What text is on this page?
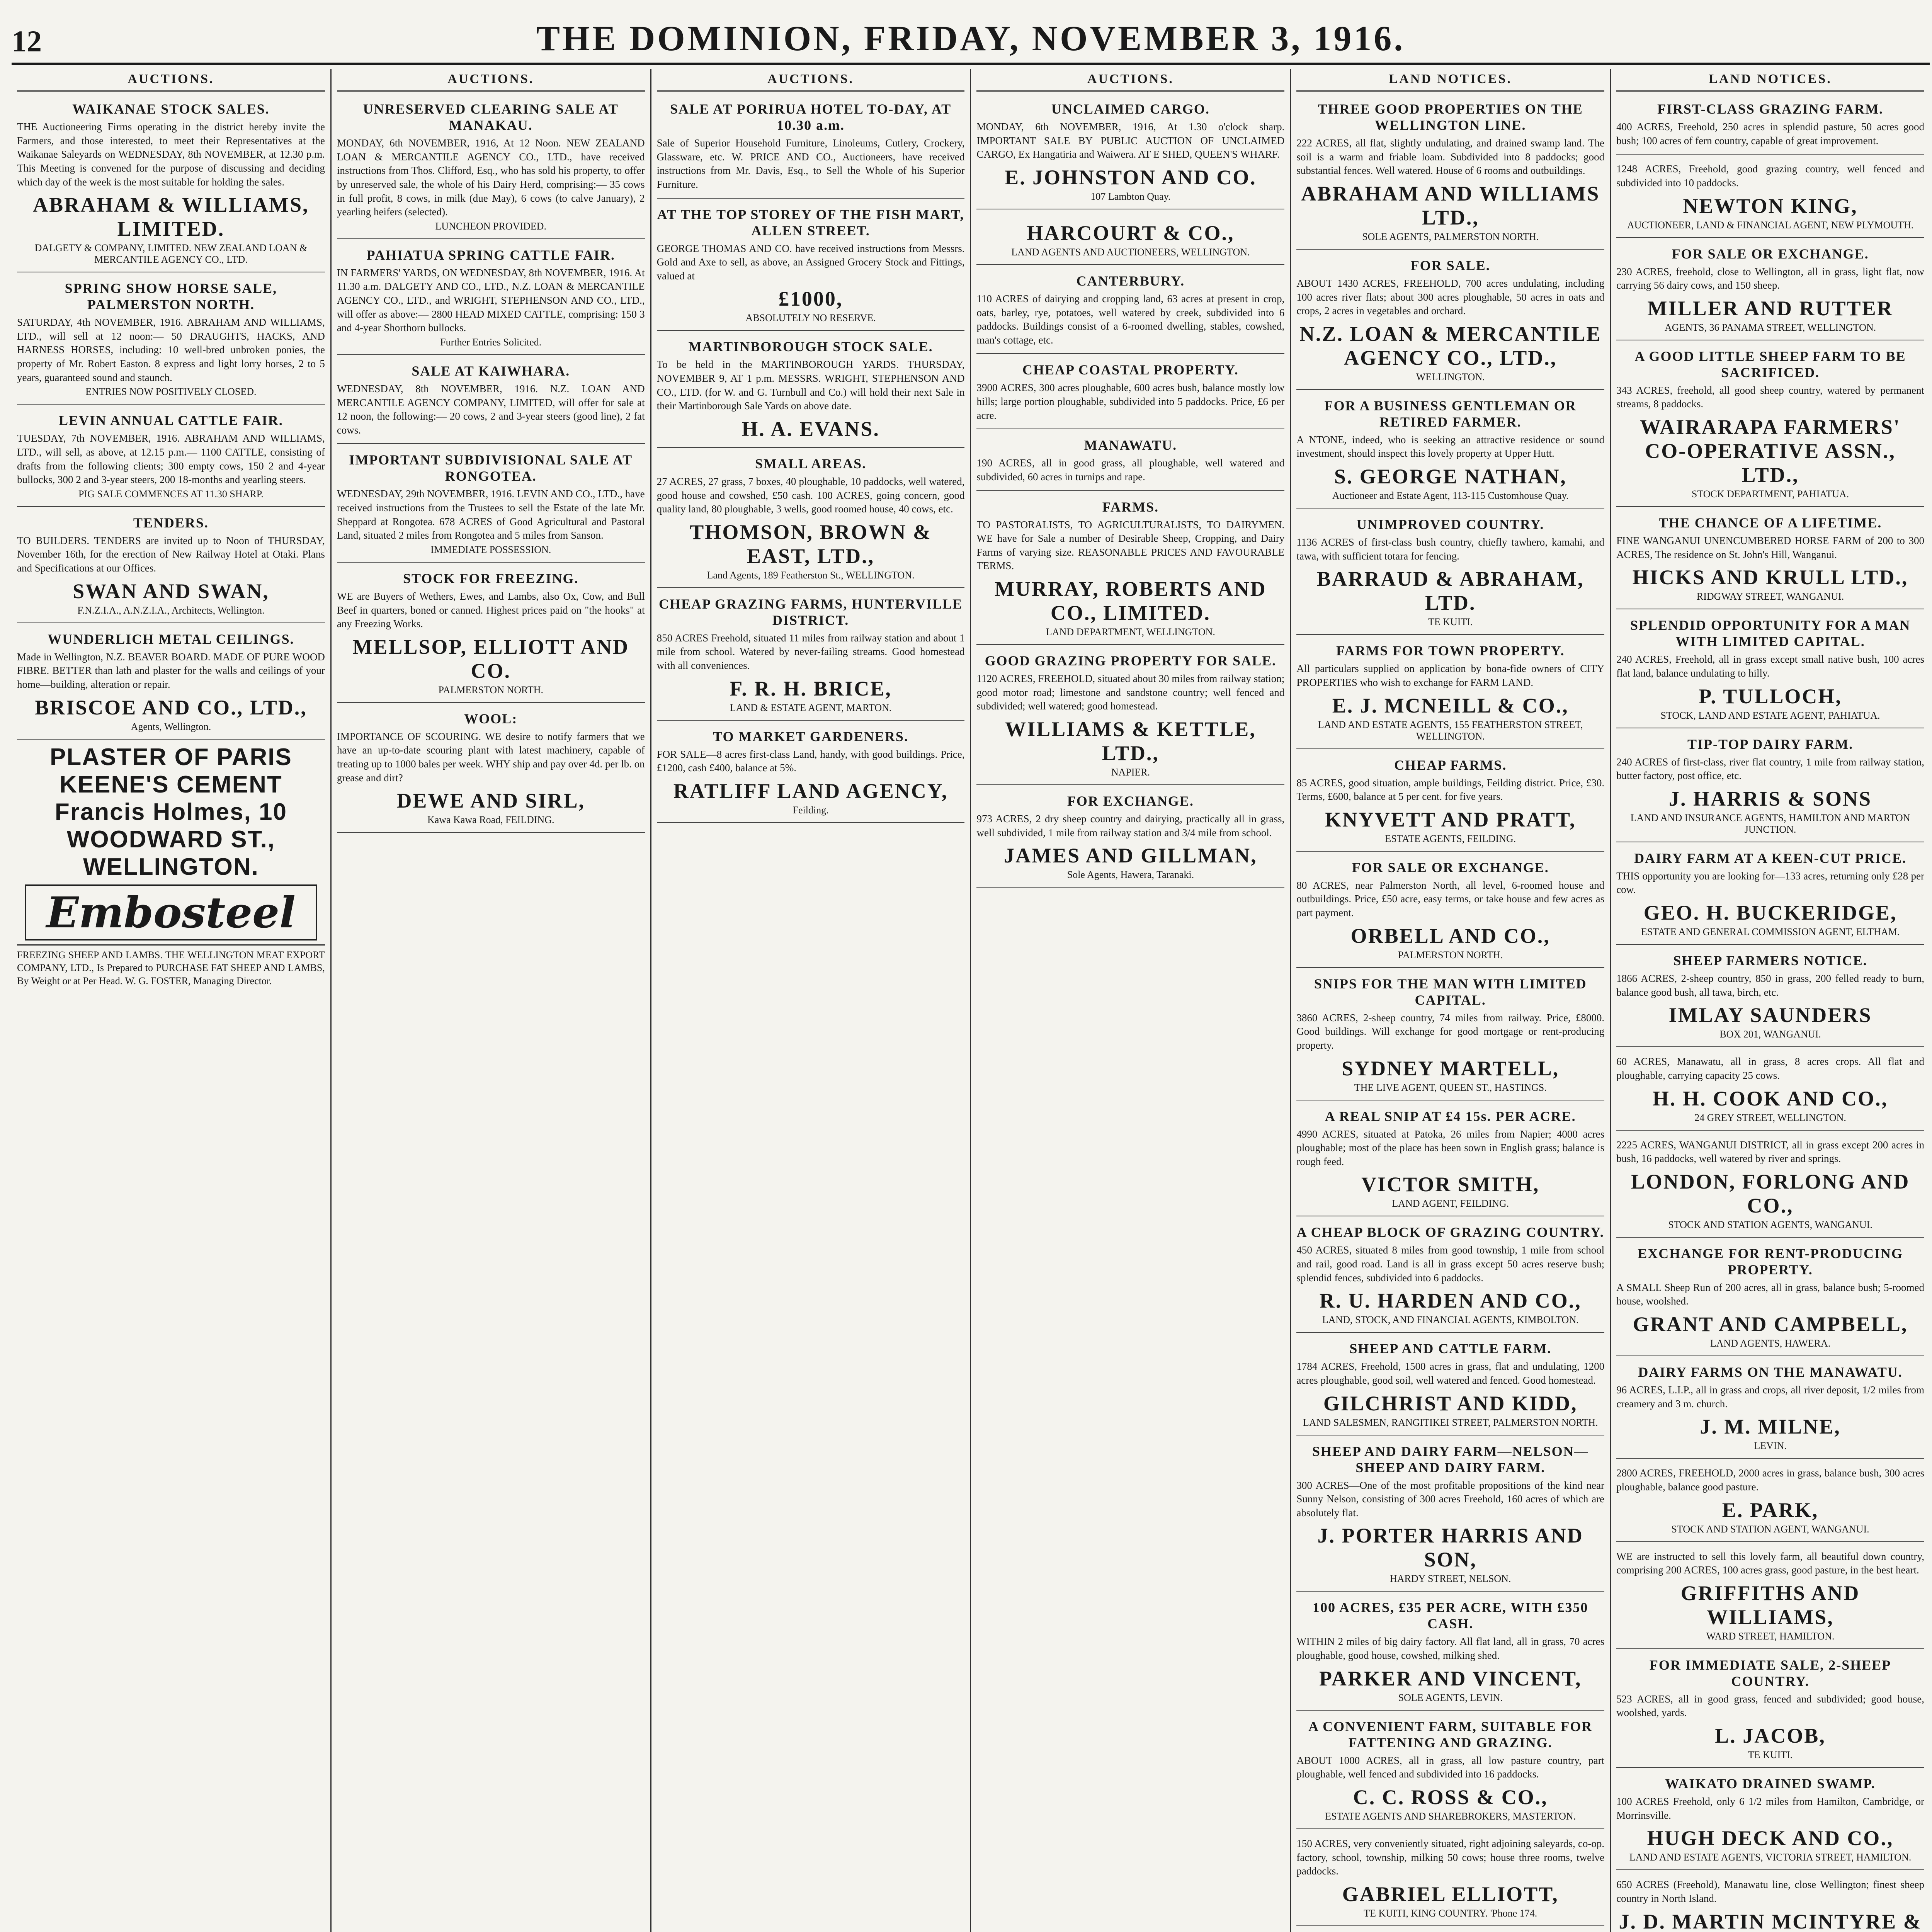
12	THE DOMINION, FRIDAY, NOVEMBER 3, 1916.
AUCTIONS.
WAIKANAE STOCK SALES.
THE Auctioneering Firms operating in the district hereby invite the Farmers, and those interested, to meet their Representatives at the Waikanae Saleyards on WEDNESDAY, 8th NOVEMBER, at 12.30 p.m. This Meeting is convened for the purpose of discussing and deciding which day of the week is the most suitable for holding the sales.
ABRAHAM & WILLIAMS, LIMITED.
DALGETY & COMPANY, LIMITED. NEW ZEALAND LOAN & MERCANTILE AGENCY CO., LTD.
SPRING SHOW HORSE SALE, PALMERSTON NORTH.
SATURDAY, 4th NOVEMBER, 1916. ABRAHAM AND WILLIAMS, LTD., will sell at 12 noon:— 50 DRAUGHTS, HACKS, AND HARNESS HORSES, including: 10 well-bred unbroken ponies, the property of Mr. Robert Easton. 8 express and light lorry horses, 2 to 5 years, guaranteed sound and staunch.
ENTRIES NOW POSITIVELY CLOSED.
LEVIN ANNUAL CATTLE FAIR.
TUESDAY, 7th NOVEMBER, 1916. ABRAHAM AND WILLIAMS, LTD., will sell, as above, at 12.15 p.m.— 1100 CATTLE, consisting of drafts from the following clients; 300 empty cows, 150 2 and 4-year bullocks, 300 2 and 3-year steers, 200 18-months and yearling steers.
PIG SALE COMMENCES AT 11.30 SHARP.
TENDERS.
TO BUILDERS. TENDERS are invited up to Noon of THURSDAY, November 16th, for the erection of New Railway Hotel at Otaki. Plans and Specifications at our Offices.
SWAN AND SWAN,
F.N.Z.I.A., A.N.Z.I.A., Architects, Wellington.
WUNDERLICH METAL CEILINGS.
Made in Wellington, N.Z. BEAVER BOARD. MADE OF PURE WOOD FIBRE. BETTER than lath and plaster for the walls and ceilings of your home—building, alteration or repair.
BRISCOE AND CO., LTD.,
Agents, Wellington.
PLASTER OF PARIS
KEENE'S CEMENT
Francis Holmes, 10 WOODWARD ST., WELLINGTON.
Embosteel
FREEZING SHEEP AND LAMBS. THE WELLINGTON MEAT EXPORT COMPANY, LTD., Is Prepared to PURCHASE FAT SHEEP AND LAMBS, By Weight or at Per Head. W. G. FOSTER, Managing Director.
AUCTIONS.
UNRESERVED CLEARING SALE AT MANAKAU.
MONDAY, 6th NOVEMBER, 1916, At 12 Noon. NEW ZEALAND LOAN & MERCANTILE AGENCY CO., LTD., have received instructions from Thos. Clifford, Esq., who has sold his property, to offer by unreserved sale, the whole of his Dairy Herd, comprising:— 35 cows in full profit, 8 cows, in milk (due May), 6 cows (to calve January), 2 yearling heifers (selected).
LUNCHEON PROVIDED.
PAHIATUA SPRING CATTLE FAIR.
IN FARMERS' YARDS, ON WEDNESDAY, 8th NOVEMBER, 1916. At 11.30 a.m. DALGETY AND CO., LTD., N.Z. LOAN & MERCANTILE AGENCY CO., LTD., and WRIGHT, STEPHENSON AND CO., LTD., will offer as above:— 2800 HEAD MIXED CATTLE, comprising: 150 3 and 4-year Shorthorn bullocks.
Further Entries Solicited.
SALE AT KAIWHARA.
WEDNESDAY, 8th NOVEMBER, 1916. N.Z. LOAN AND MERCANTILE AGENCY COMPANY, LIMITED, will offer for sale at 12 noon, the following:— 20 cows, 2 and 3-year steers (good line), 2 fat cows.
IMPORTANT SUBDIVISIONAL SALE AT RONGOTEA.
WEDNESDAY, 29th NOVEMBER, 1916. LEVIN AND CO., LTD., have received instructions from the Trustees to sell the Estate of the late Mr. Sheppard at Rongotea. 678 ACRES of Good Agricultural and Pastoral Land, situated 2 miles from Rongotea and 5 miles from Sanson.
IMMEDIATE POSSESSION.
STOCK FOR FREEZING.
WE are Buyers of Wethers, Ewes, and Lambs, also Ox, Cow, and Bull Beef in quarters, boned or canned. Highest prices paid on "the hooks" at any Freezing Works.
MELLSOP, ELLIOTT AND CO.
PALMERSTON NORTH.
WOOL:
IMPORTANCE OF SCOURING. WE desire to notify farmers that we have an up-to-date scouring plant with latest machinery, capable of treating up to 1000 bales per week. WHY ship and pay over 4d. per lb. on grease and dirt?
DEWE AND SIRL,
Kawa Kawa Road, FEILDING.
AUCTIONS.
SALE AT PORIRUA HOTEL TO-DAY, AT 10.30 a.m.
Sale of Superior Household Furniture, Linoleums, Cutlery, Crockery, Glassware, etc. W. PRICE AND CO., Auctioneers, have received instructions from Mr. Davis, Esq., to Sell the Whole of his Superior Furniture.
AT THE TOP STOREY OF THE FISH MART, ALLEN STREET.
GEORGE THOMAS AND CO. have received instructions from Messrs. Gold and Axe to sell, as above, an Assigned Grocery Stock and Fittings, valued at
£1000,
ABSOLUTELY NO RESERVE.
MARTINBOROUGH STOCK SALE.
To be held in the MARTINBOROUGH YARDS. THURSDAY, NOVEMBER 9, AT 1 p.m. MESSRS. WRIGHT, STEPHENSON AND CO., LTD. (for W. and G. Turnbull and Co.) will hold their next Sale in their Martinborough Sale Yards on above date.
H. A. EVANS.
SMALL AREAS.
27 ACRES, 27 grass, 7 boxes, 40 ploughable, 10 paddocks, well watered, good house and cowshed, £50 cash. 100 ACRES, going concern, good quality land, 80 ploughable, 3 wells, good roomed house, 40 cows, etc.
THOMSON, BROWN & EAST, LTD.,
Land Agents, 189 Featherston St., WELLINGTON.
CHEAP GRAZING FARMS, HUNTERVILLE DISTRICT.
850 ACRES Freehold, situated 11 miles from railway station and about 1 mile from school. Watered by never-failing streams. Good homestead with all conveniences.
F. R. H. BRICE,
LAND & ESTATE AGENT, MARTON.
TO MARKET GARDENERS.
FOR SALE—8 acres first-class Land, handy, with good buildings. Price, £1200, cash £400, balance at 5%.
RATLIFF LAND AGENCY,
Feilding.
AUCTIONS.
UNCLAIMED CARGO.
MONDAY, 6th NOVEMBER, 1916, At 1.30 o'clock sharp. IMPORTANT SALE BY PUBLIC AUCTION OF UNCLAIMED CARGO, Ex Hangatiria and Waiwera. AT E SHED, QUEEN'S WHARF.
E. JOHNSTON AND CO.
107 Lambton Quay.
HARCOURT & CO.,
LAND AGENTS AND AUCTIONEERS, WELLINGTON.
CANTERBURY.
110 ACRES of dairying and cropping land, 63 acres at present in crop, oats, barley, rye, potatoes, well watered by creek, subdivided into 6 paddocks. Buildings consist of a 6-roomed dwelling, stables, cowshed, man's cottage, etc.
CHEAP COASTAL PROPERTY.
3900 ACRES, 300 acres ploughable, 600 acres bush, balance mostly low hills; large portion ploughable, subdivided into 5 paddocks. Price, £6 per acre.
MANAWATU.
190 ACRES, all in good grass, all ploughable, well watered and subdivided, 60 acres in turnips and rape.
FARMS.
TO PASTORALISTS, TO AGRICULTURALISTS, TO DAIRYMEN. WE have for Sale a number of Desirable Sheep, Cropping, and Dairy Farms of varying size. REASONABLE PRICES AND FAVOURABLE TERMS.
MURRAY, ROBERTS AND CO., LIMITED.
LAND DEPARTMENT, WELLINGTON.
GOOD GRAZING PROPERTY FOR SALE.
1120 ACRES, FREEHOLD, situated about 30 miles from railway station; good motor road; limestone and sandstone country; well fenced and subdivided; well watered; good homestead.
WILLIAMS & KETTLE, LTD.,
NAPIER.
FOR EXCHANGE.
973 ACRES, 2 dry sheep country and dairying, practically all in grass, well subdivided, 1 mile from railway station and 3/4 mile from school.
JAMES AND GILLMAN,
Sole Agents, Hawera, Taranaki.
LAND NOTICES.
THREE GOOD PROPERTIES ON THE WELLINGTON LINE.
222 ACRES, all flat, slightly undulating, and drained swamp land. The soil is a warm and friable loam. Subdivided into 8 paddocks; good substantial fences. Well watered. House of 6 rooms and outbuildings.
ABRAHAM AND WILLIAMS LTD.,
SOLE AGENTS, PALMERSTON NORTH.
FOR SALE.
ABOUT 1430 ACRES, FREEHOLD, 700 acres undulating, including 100 acres river flats; about 300 acres ploughable, 50 acres in oats and crops, 2 acres in vegetables and orchard.
N.Z. LOAN & MERCANTILE AGENCY CO., LTD.,
WELLINGTON.
FOR A BUSINESS GENTLEMAN OR RETIRED FARMER.
A NTONE, indeed, who is seeking an attractive residence or sound investment, should inspect this lovely property at Upper Hutt.
S. GEORGE NATHAN,
Auctioneer and Estate Agent, 113-115 Customhouse Quay.
UNIMPROVED COUNTRY.
1136 ACRES of first-class bush country, chiefly tawhero, kamahi, and tawa, with sufficient totara for fencing.
BARRAUD & ABRAHAM, LTD.
TE KUITI.
FARMS FOR TOWN PROPERTY.
All particulars supplied on application by bona-fide owners of CITY PROPERTIES who wish to exchange for FARM LAND.
E. J. MCNEILL & CO.,
LAND AND ESTATE AGENTS, 155 FEATHERSTON STREET, WELLINGTON.
CHEAP FARMS.
85 ACRES, good situation, ample buildings, Feilding district. Price, £30. Terms, £600, balance at 5 per cent. for five years.
KNYVETT AND PRATT,
ESTATE AGENTS, FEILDING.
FOR SALE OR EXCHANGE.
80 ACRES, near Palmerston North, all level, 6-roomed house and outbuildings. Price, £50 acre, easy terms, or take house and few acres as part payment.
ORBELL AND CO.,
PALMERSTON NORTH.
SNIPS FOR THE MAN WITH LIMITED CAPITAL.
3860 ACRES, 2-sheep country, 74 miles from railway. Price, £8000. Good buildings. Will exchange for good mortgage or rent-producing property.
SYDNEY MARTELL,
THE LIVE AGENT, QUEEN ST., HASTINGS.
A REAL SNIP AT £4 15s. PER ACRE.
4990 ACRES, situated at Patoka, 26 miles from Napier; 4000 acres ploughable; most of the place has been sown in English grass; balance is rough feed.
VICTOR SMITH,
LAND AGENT, FEILDING.
A CHEAP BLOCK OF GRAZING COUNTRY.
450 ACRES, situated 8 miles from good township, 1 mile from school and rail, good road. Land is all in grass except 50 acres reserve bush; splendid fences, subdivided into 6 paddocks.
R. U. HARDEN AND CO.,
LAND, STOCK, AND FINANCIAL AGENTS, KIMBOLTON.
SHEEP AND CATTLE FARM.
1784 ACRES, Freehold, 1500 acres in grass, flat and undulating, 1200 acres ploughable, good soil, well watered and fenced. Good homestead.
GILCHRIST AND KIDD,
LAND SALESMEN, RANGITIKEI STREET, PALMERSTON NORTH.
SHEEP AND DAIRY FARM—NELSON—SHEEP AND DAIRY FARM.
300 ACRES—One of the most profitable propositions of the kind near Sunny Nelson, consisting of 300 acres Freehold, 160 acres of which are absolutely flat.
J. PORTER HARRIS AND SON,
HARDY STREET, NELSON.
100 ACRES, £35 PER ACRE, WITH £350 CASH.
WITHIN 2 miles of big dairy factory. All flat land, all in grass, 70 acres ploughable, good house, cowshed, milking shed.
PARKER AND VINCENT,
SOLE AGENTS, LEVIN.
A CONVENIENT FARM, SUITABLE FOR FATTENING AND GRAZING.
ABOUT 1000 ACRES, all in grass, all low pasture country, part ploughable, well fenced and subdivided into 16 paddocks.
C. C. ROSS & CO.,
ESTATE AGENTS AND SHAREBROKERS, MASTERTON.
150 ACRES, very conveniently situated, right adjoining saleyards, co-op. factory, school, township, milking 50 cows; house three rooms, twelve paddocks.
GABRIEL ELLIOTT,
TE KUITI, KING COUNTRY. 'Phone 174.
LAND NOTICES.
FIRST-CLASS GRAZING FARM.
400 ACRES, Freehold, 250 acres in splendid pasture, 50 acres good bush; 100 acres of fern country, capable of great improvement.
1248 ACRES, Freehold, good grazing country, well fenced and subdivided into 10 paddocks.
NEWTON KING,
AUCTIONEER, LAND & FINANCIAL AGENT, NEW PLYMOUTH.
FOR SALE OR EXCHANGE.
230 ACRES, freehold, close to Wellington, all in grass, light flat, now carrying 56 dairy cows, and 150 sheep.
MILLER AND RUTTER
AGENTS, 36 PANAMA STREET, WELLINGTON.
A GOOD LITTLE SHEEP FARM TO BE SACRIFICED.
343 ACRES, freehold, all good sheep country, watered by permanent streams, 8 paddocks.
WAIRARAPA FARMERS' CO-OPERATIVE ASSN., LTD.,
STOCK DEPARTMENT, PAHIATUA.
THE CHANCE OF A LIFETIME.
FINE WANGANUI UNENCUMBERED HORSE FARM of 200 to 300 ACRES, The residence on St. John's Hill, Wanganui.
HICKS AND KRULL LTD.,
RIDGWAY STREET, WANGANUI.
SPLENDID OPPORTUNITY FOR A MAN WITH LIMITED CAPITAL.
240 ACRES, Freehold, all in grass except small native bush, 100 acres flat land, balance undulating to hilly.
P. TULLOCH,
STOCK, LAND AND ESTATE AGENT, PAHIATUA.
TIP-TOP DAIRY FARM.
240 ACRES of first-class, river flat country, 1 mile from railway station, butter factory, post office, etc.
J. HARRIS & SONS
LAND AND INSURANCE AGENTS, HAMILTON AND MARTON JUNCTION.
DAIRY FARM AT A KEEN-CUT PRICE.
THIS opportunity you are looking for—133 acres, returning only £28 per cow.
GEO. H. BUCKERIDGE,
ESTATE AND GENERAL COMMISSION AGENT, ELTHAM.
SHEEP FARMERS NOTICE.
1866 ACRES, 2-sheep country, 850 in grass, 200 felled ready to burn, balance good bush, all tawa, birch, etc.
IMLAY SAUNDERS
BOX 201, WANGANUI.
60 ACRES, Manawatu, all in grass, 8 acres crops. All flat and ploughable, carrying capacity 25 cows.
H. H. COOK AND CO.,
24 GREY STREET, WELLINGTON.
2225 ACRES, WANGANUI DISTRICT, all in grass except 200 acres in bush, 16 paddocks, well watered by river and springs.
LONDON, FORLONG AND CO.,
STOCK AND STATION AGENTS, WANGANUI.
EXCHANGE FOR RENT-PRODUCING PROPERTY.
A SMALL Sheep Run of 200 acres, all in grass, balance bush; 5-roomed house, woolshed.
GRANT AND CAMPBELL,
LAND AGENTS, HAWERA.
DAIRY FARMS ON THE MANAWATU.
96 ACRES, L.I.P., all in grass and crops, all river deposit, 1/2 miles from creamery and 3 m. church.
J. M. MILNE,
LEVIN.
2800 ACRES, FREEHOLD, 2000 acres in grass, balance bush, 300 acres ploughable, balance good pasture.
E. PARK,
STOCK AND STATION AGENT, WANGANUI.
WE are instructed to sell this lovely farm, all beautiful down country, comprising 200 ACRES, 100 acres grass, good pasture, in the best heart.
GRIFFITHS AND WILLIAMS,
WARD STREET, HAMILTON.
FOR IMMEDIATE SALE, 2-SHEEP COUNTRY.
523 ACRES, all in good grass, fenced and subdivided; good house, woolshed, yards.
L. JACOB,
TE KUITI.
WAIKATO DRAINED SWAMP.
100 ACRES Freehold, only 6 1/2 miles from Hamilton, Cambridge, or Morrinsville.
HUGH DECK AND CO.,
LAND AND ESTATE AGENTS, VICTORIA STREET, HAMILTON.
650 ACRES (Freehold), Manawatu line, close Wellington; finest sheep country in North Island.
J. D. MARTIN MCINTYRE &
